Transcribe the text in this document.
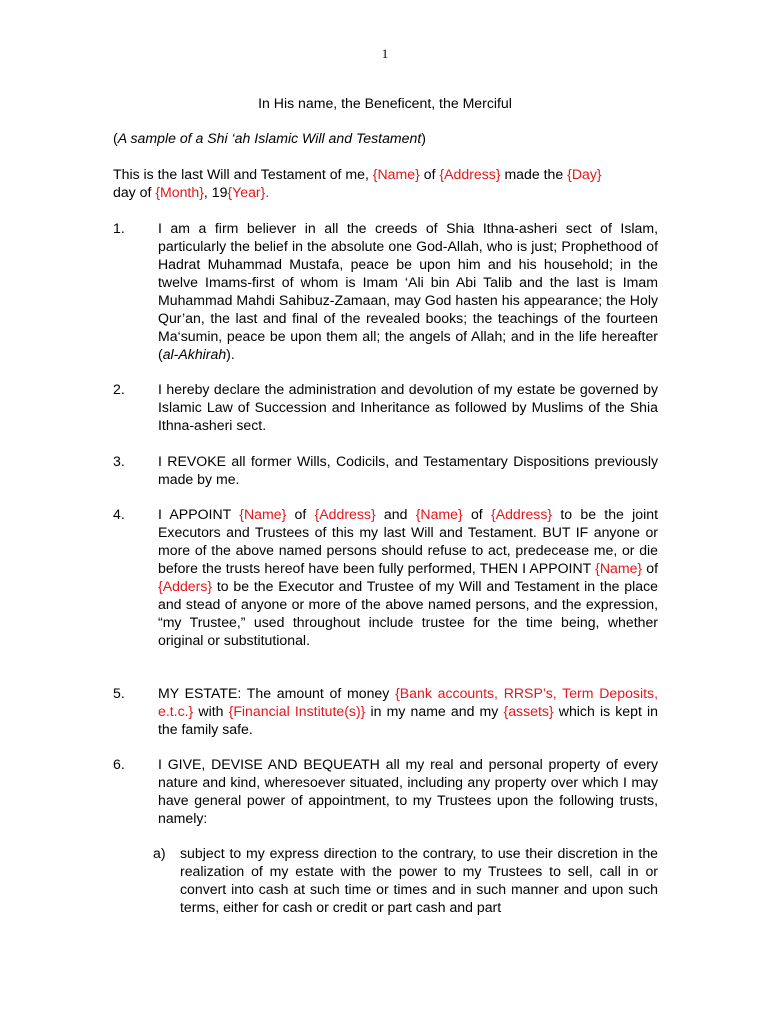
1
In His name, the Beneficent, the Merciful
(A sample of a Shi ‘ah Islamic Will and Testament)
This is the last Will and Testament of me, {Name} of {Address} made the {Day}
day of {Month}, 19{Year}.
1. I am a firm believer in all the creeds of Shia Ithna-asheri sect of Islam, particularly the belief in the absolute one God-Allah, who is just; Prophethood of Hadrat Muhammad Mustafa, peace be upon him and his household; in the twelve Imams-first of whom is Imam ‘Ali bin Abi Talib and the last is Imam Muhammad Mahdi Sahibuz-Zamaan, may God hasten his appearance; the Holy Qur’an, the last and final of the revealed books; the teachings of the fourteen Ma‘sumin, peace be upon them all; the angels of Allah; and in the life hereafter (al-Akhirah).
2. I hereby declare the administration and devolution of my estate be governed by Islamic Law of Succession and Inheritance as followed by Muslims of the Shia Ithna-asheri sect.
3. I REVOKE all former Wills, Codicils, and Testamentary Dispositions previously made by me.
4. I APPOINT {Name} of {Address} and {Name} of {Address} to be the joint Executors and Trustees of this my last Will and Testament. BUT IF anyone or more of the above named persons should refuse to act, predecease me, or die before the trusts hereof have been fully performed, THEN I APPOINT {Name} of {Adders} to be the Executor and Trustee of my Will and Testament in the place and stead of anyone or more of the above named persons, and the expression, “my Trustee,” used throughout include trustee for the time being, whether original or substitutional.
5. MY ESTATE: The amount of money {Bank accounts, RRSP’s, Term Deposits, e.t.c.} with {Financial Institute(s)} in my name and my {assets} which is kept in the family safe.
6. I GIVE, DEVISE AND BEQUEATH all my real and personal property of every nature and kind, wheresoever situated, including any property over which I may have general power of appointment, to my Trustees upon the following trusts, namely:
a) subject to my express direction to the contrary, to use their discretion in the realization of my estate with the power to my Trustees to sell, call in or convert into cash at such time or times and in such manner and upon such terms, either for cash or credit or part cash and part
